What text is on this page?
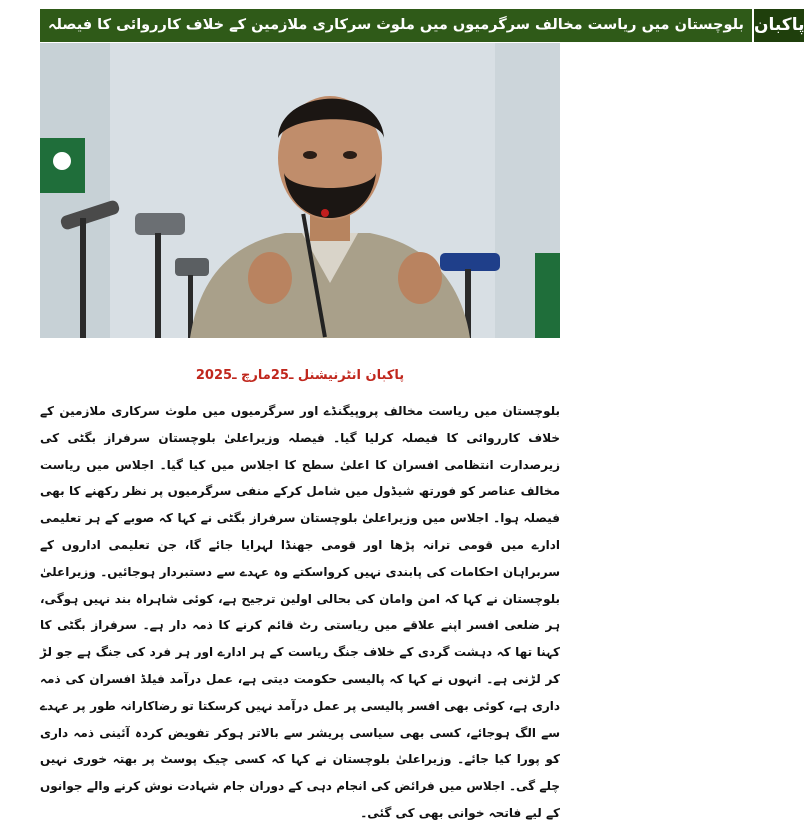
بلوچستان میں ریاست مخالف سرگرمیوں میں ملوث سرکاری ملازمین کے خلاف کارروائی کا فیصلہ پاکبان
پاکبان انٹرنیشنل ـ25مارچ ـ2025
بلوچستان میں ریاست مخالف پروپیگنڈے اور سرگرمیوں میں ملوث سرکاری ملازمین کے خلاف کارروائی کا فیصلہ کرلیا گیا۔ فیصلہ وزیراعلیٰ بلوچستان سرفراز بگٹی کی زیرصدارت انتظامی افسران کا اعلیٰ سطح کا اجلاس میں کیا گیا۔ اجلاس میں ریاست مخالف عناصر کو فورتھ شیڈول میں شامل کرکے منفی سرگرمیوں پر نظر رکھنے کا بھی فیصلہ ہوا۔ اجلاس میں وزیراعلیٰ بلوچستان سرفراز بگٹی نے کہا کہ صوبے کے ہر تعلیمی ادارے میں قومی ترانہ پڑھا اور قومی جھنڈا لہرایا جائے گا، جن تعلیمی اداروں کے سربراہان احکامات کی پابندی نہیں کرواسکتے وہ عہدے سے دستبردار ہوجائیں۔ وزیراعلیٰ بلوچستان نے کہا کہ امن وامان کی بحالی اولین ترجیح ہے، کوئی شاہراہ بند نہیں ہوگی، ہر ضلعی افسر اپنے علاقے میں ریاستی رٹ قائم کرنے کا ذمہ دار ہے۔ سرفراز بگٹی کا کہنا تھا کہ دہشت گردی کے خلاف جنگ ریاست کے ہر ادارے اور ہر فرد کی جنگ ہے جو لڑ کر لڑنی ہے۔ انہوں نے کہا کہ پالیسی حکومت دیتی ہے، عمل درآمد فیلڈ افسران کی ذمہ داری ہے، کوئی بھی افسر پالیسی پر عمل درآمد نہیں کرسکتا تو رضاکارانہ طور پر عہدے سے الگ ہوجائے، کسی بھی سیاسی پریشر سے بالاتر ہوکر تفویض کردہ آئینی ذمہ داری کو پورا کیا جائے۔ وزیراعلیٰ بلوچستان نے کہا کہ کسی چیک پوسٹ پر بھتہ خوری نہیں چلے گی۔ اجلاس میں فرائض کی انجام دہی کے دوران جام شہادت نوش کرنے والے جوانوں کے لیے فاتحہ خوانی بھی کی گئی۔
